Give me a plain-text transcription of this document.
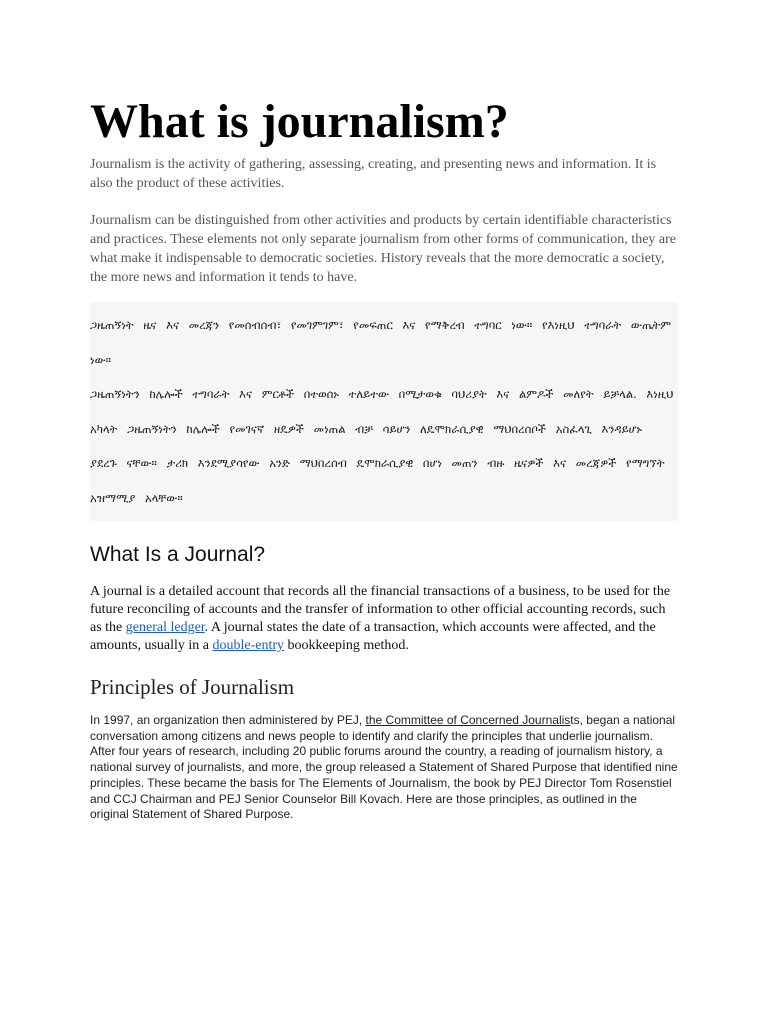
What is journalism?

Journalism is the activity of gathering, assessing, creating, and presenting news and information. It is also the product of these activities.

Journalism can be distinguished from other activities and products by certain identifiable characteristics and practices. These elements not only separate journalism from other forms of communication, they are what make it indispensable to democratic societies. History reveals that the more democratic a society, the more news and information it tends to have.

ጋዜጠኝነት ዜና እና መረጃን የመሰብሰብ፣ የመገምገም፣ የመፍጠር እና የማቅረብ ተግባር ነው። የእነዚህ ተግባራት ውጤትም ነው።

ጋዜጠኝነትን ከሌሎች ተግባራት እና ምርቶች በተወሰኑ ተለይተው በሚታወቁ ባህሪያት እና ልምዶች መለየት ይቻላል. እነዚህ አካላት ጋዜጠኝነትን ከሌሎች የመገናኛ ዘዴዎች መነጠል ብቻ ሳይሆን ለዴሞክራሲያዊ ማህበረሰቦች አስፈላጊ እንዳይሆኑ ያደረጉ ናቸው። ታሪክ እንደሚያሳየው አንድ ማህበረሰብ ዴሞክራሲያዊ በሆነ መጠን ብዙ ዜናዎች እና መረጃዎች የማግኘት አዝማሚያ አላቸው።

What Is a Journal?

A journal is a detailed account that records all the financial transactions of a business, to be used for the future reconciling of accounts and the transfer of information to other official accounting records, such as the general ledger. A journal states the date of a transaction, which accounts were affected, and the amounts, usually in a double-entry bookkeeping method.

Principles of Journalism

In 1997, an organization then administered by PEJ, the Committee of Concerned Journalists, began a national conversation among citizens and news people to identify and clarify the principles that underlie journalism. After four years of research, including 20 public forums around the country, a reading of journalism history, a national survey of journalists, and more, the group released a Statement of Shared Purpose that identified nine principles. These became the basis for The Elements of Journalism, the book by PEJ Director Tom Rosenstiel and CCJ Chairman and PEJ Senior Counselor Bill Kovach. Here are those principles, as outlined in the original Statement of Shared Purpose.
